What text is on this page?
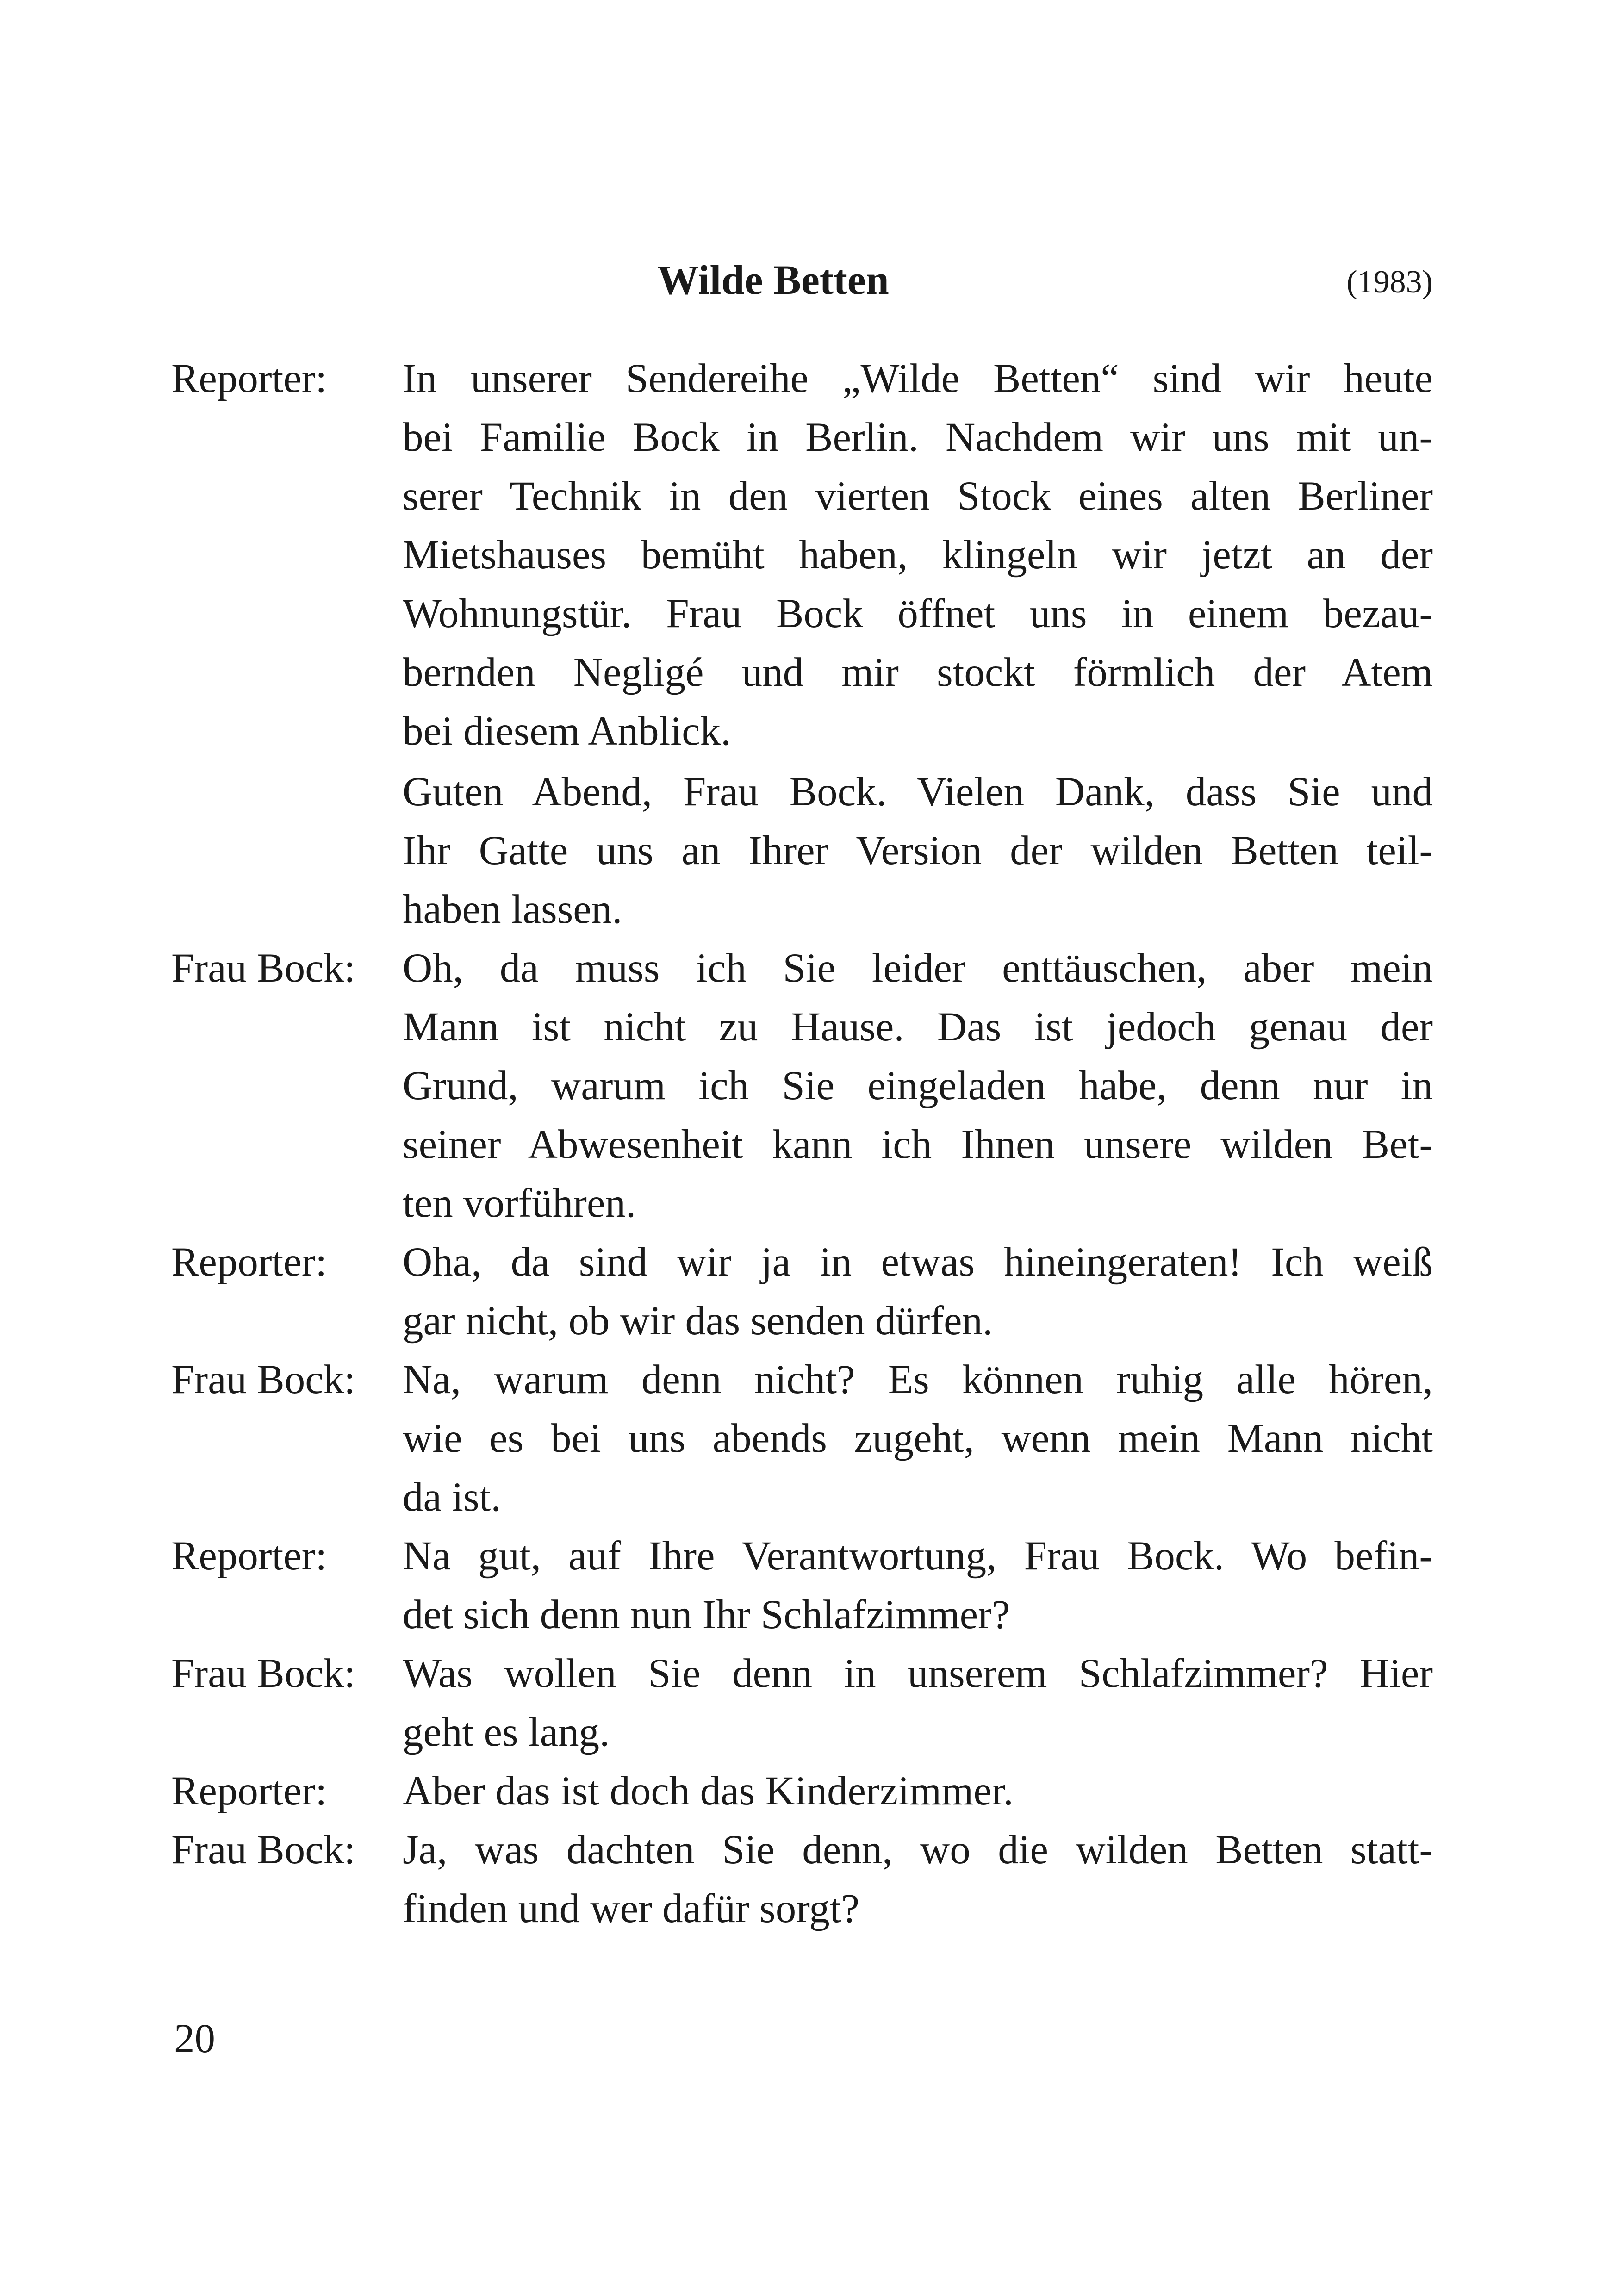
Wilde Betten	(1983)
Reporter:	In unserer Sendereihe „Wilde Betten“ sind wir heute
bei Familie Bock in Berlin. Nachdem wir uns mit un-
serer Technik in den vierten Stock eines alten Berliner
Mietshauses bemüht haben, klingeln wir jetzt an der
Wohnungstür. Frau Bock öffnet uns in einem bezau-
bernden Negligé und mir stockt förmlich der Atem
bei diesem Anblick.
Guten Abend, Frau Bock. Vielen Dank, dass Sie und
Ihr Gatte uns an Ihrer Version der wilden Betten teil-
haben lassen.
Frau Bock:	Oh, da muss ich Sie leider enttäuschen, aber mein
Mann ist nicht zu Hause. Das ist jedoch genau der
Grund, warum ich Sie eingeladen habe, denn nur in
seiner Abwesenheit kann ich Ihnen unsere wilden Bet-
ten vorführen.
Reporter:	Oha, da sind wir ja in etwas hineingeraten! Ich weiß
gar nicht, ob wir das senden dürfen.
Frau Bock:	Na, warum denn nicht? Es können ruhig alle hören,
wie es bei uns abends zugeht, wenn mein Mann nicht
da ist.
Reporter:	Na gut, auf Ihre Verantwortung, Frau Bock. Wo befin-
det sich denn nun Ihr Schlafzimmer?
Frau Bock:	Was wollen Sie denn in unserem Schlafzimmer? Hier
geht es lang.
Reporter:	Aber das ist doch das Kinderzimmer.
Frau Bock:	Ja, was dachten Sie denn, wo die wilden Betten statt-
finden und wer dafür sorgt?
20
